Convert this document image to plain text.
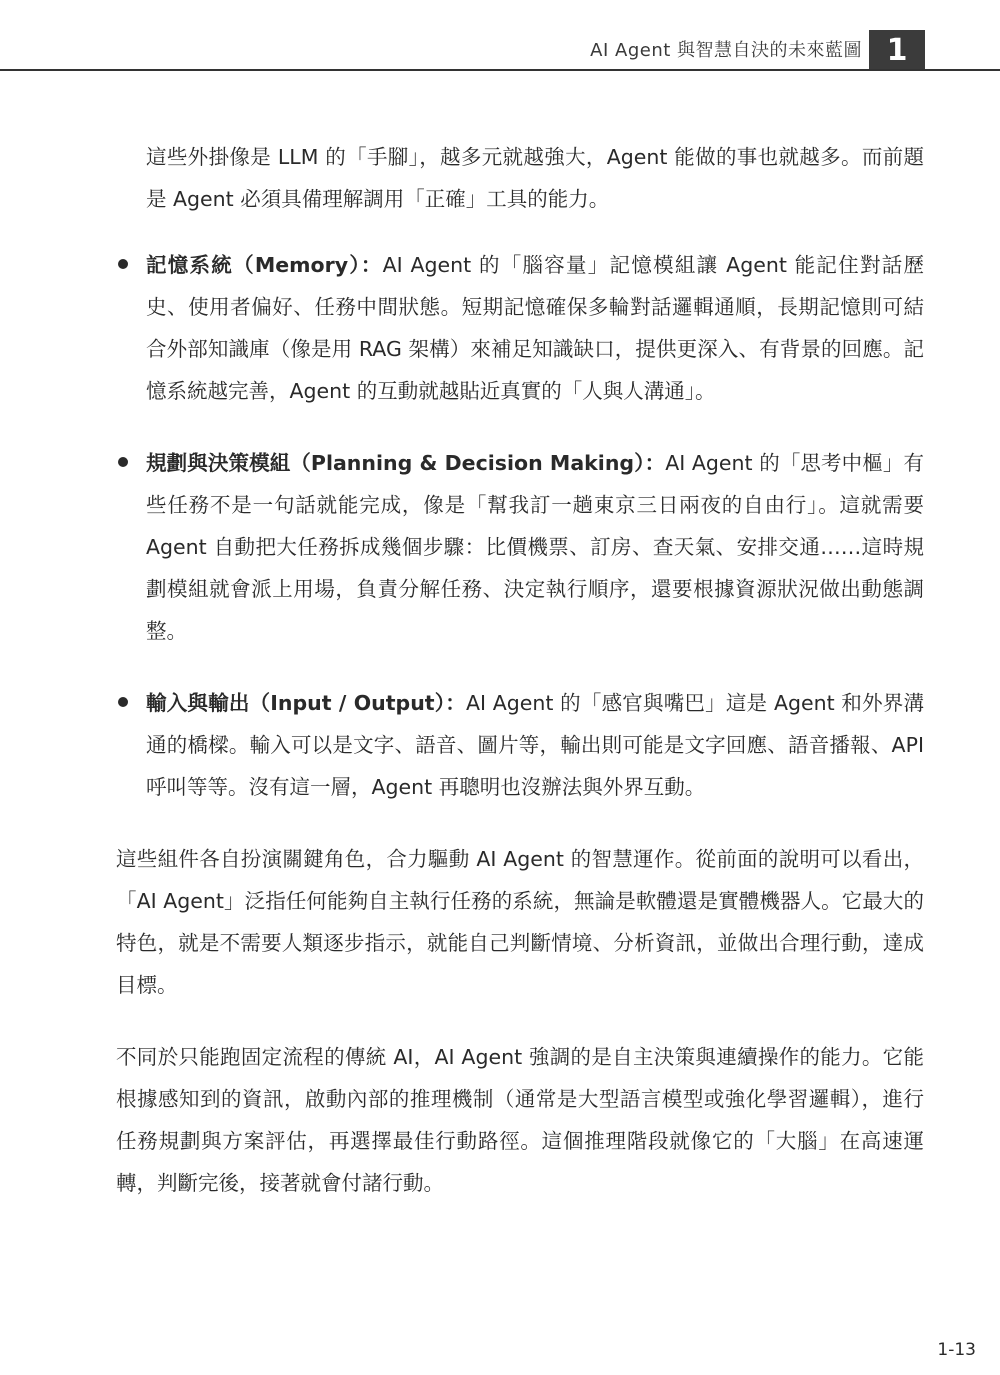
AI Agent 與智慧自決的未來藍圖 1

這些外掛像是 LLM 的「手腳」，越多元就越強大，Agent 能做的事也就越多。而前題是 Agent 必須具備理解調用「正確」工具的能力。

記憶系統（Memory）：AI Agent 的「腦容量」記憶模組讓 Agent 能記住對話歷史、使用者偏好、任務中間狀態。短期記憶確保多輪對話邏輯通順，長期記憶則可結合外部知識庫（像是用 RAG 架構）來補足知識缺口，提供更深入、有背景的回應。記憶系統越完善，Agent 的互動就越貼近真實的「人與人溝通」。
規劃與決策模組（Planning & Decision Making）：AI Agent 的「思考中樞」有些任務不是一句話就能完成，像是「幫我訂一趟東京三日兩夜的自由行」。這就需要 Agent 自動把大任務拆成幾個步驟：比價機票、訂房、查天氣、安排交通……這時規劃模組就會派上用場，負責分解任務、決定執行順序，還要根據資源狀況做出動態調整。
輸入與輸出（Input / Output）：AI Agent 的「感官與嘴巴」這是 Agent 和外界溝通的橋樑。輸入可以是文字、語音、圖片等，輸出則可能是文字回應、語音播報、API 呼叫等等。沒有這一層，Agent 再聰明也沒辦法與外界互動。

這些組件各自扮演關鍵角色，合力驅動 AI Agent 的智慧運作。從前面的說明可以看出，「AI Agent」泛指任何能夠自主執行任務的系統，無論是軟體還是實體機器人。它最大的特色，就是不需要人類逐步指示，就能自己判斷情境、分析資訊，並做出合理行動，達成目標。

不同於只能跑固定流程的傳統 AI，AI Agent 強調的是自主決策與連續操作的能力。它能根據感知到的資訊，啟動內部的推理機制（通常是大型語言模型或強化學習邏輯），進行任務規劃與方案評估，再選擇最佳行動路徑。這個推理階段就像它的「大腦」在高速運轉，判斷完後，接著就會付諸行動。

1-13
